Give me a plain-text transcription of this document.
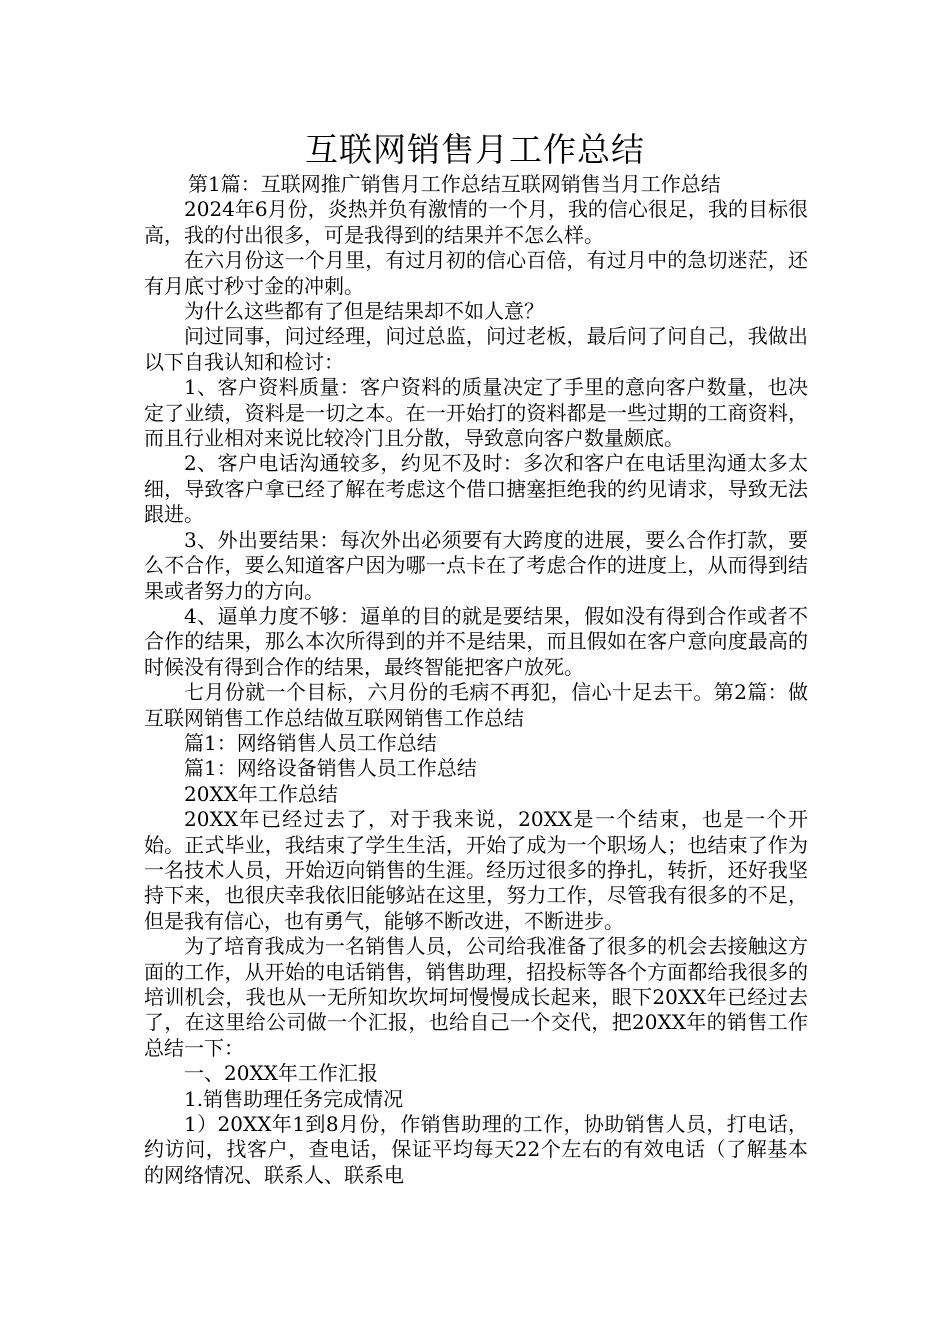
互联网销售月工作总结

第1篇：互联网推广销售月工作总结互联网销售当月工作总结

2024年6月份，炎热并负有激情的一个月，我的信心很足，我的目标很高，我的付出很多，可是我得到的结果并不怎么样。

在六月份这一个月里，有过月初的信心百倍，有过月中的急切迷茫，还有月底寸秒寸金的冲刺。

为什么这些都有了但是结果却不如人意？

问过同事，问过经理，问过总监，问过老板，最后问了问自己，我做出以下自我认知和检讨：

1、客户资料质量：客户资料的质量决定了手里的意向客户数量，也决定了业绩，资料是一切之本。在一开始打的资料都是一些过期的工商资料，而且行业相对来说比较冷门且分散，导致意向客户数量颇底。

2、客户电话沟通较多，约见不及时：多次和客户在电话里沟通太多太细，导致客户拿已经了解在考虑这个借口搪塞拒绝我的约见请求，导致无法跟进。

3、外出要结果：每次外出必须要有大跨度的进展，要么合作打款，要么不合作，要么知道客户因为哪一点卡在了考虑合作的进度上，从而得到结果或者努力的方向。

4、逼单力度不够：逼单的目的就是要结果，假如没有得到合作或者不合作的结果，那么本次所得到的并不是结果，而且假如在客户意向度最高的时候没有得到合作的结果，最终智能把客户放死。

七月份就一个目标，六月份的毛病不再犯，信心十足去干。第2篇：做互联网销售工作总结做互联网销售工作总结

篇1：网络销售人员工作总结

篇1：网络设备销售人员工作总结

20XX年工作总结

20XX年已经过去了，对于我来说，20XX是一个结束，也是一个开始。正式毕业，我结束了学生生活，开始了成为一个职场人；也结束了作为一名技术人员，开始迈向销售的生涯。经历过很多的挣扎，转折，还好我坚持下来，也很庆幸我依旧能够站在这里，努力工作，尽管我有很多的不足，但是我有信心，也有勇气，能够不断改进，不断进步。

为了培育我成为一名销售人员，公司给我准备了很多的机会去接触这方面的工作，从开始的电话销售，销售助理，招投标等各个方面都给我很多的培训机会，我也从一无所知坎坎坷坷慢慢成长起来，眼下20XX年已经过去了，在这里给公司做一个汇报，也给自己一个交代，把20XX年的销售工作总结一下：

一、20XX年工作汇报

1.销售助理任务完成情况

1）20XX年1到8月份，作销售助理的工作，协助销售人员，打电话，约访问，找客户，查电话，保证平均每天22个左右的有效电话（了解基本的网络情况、联系人、联系电
